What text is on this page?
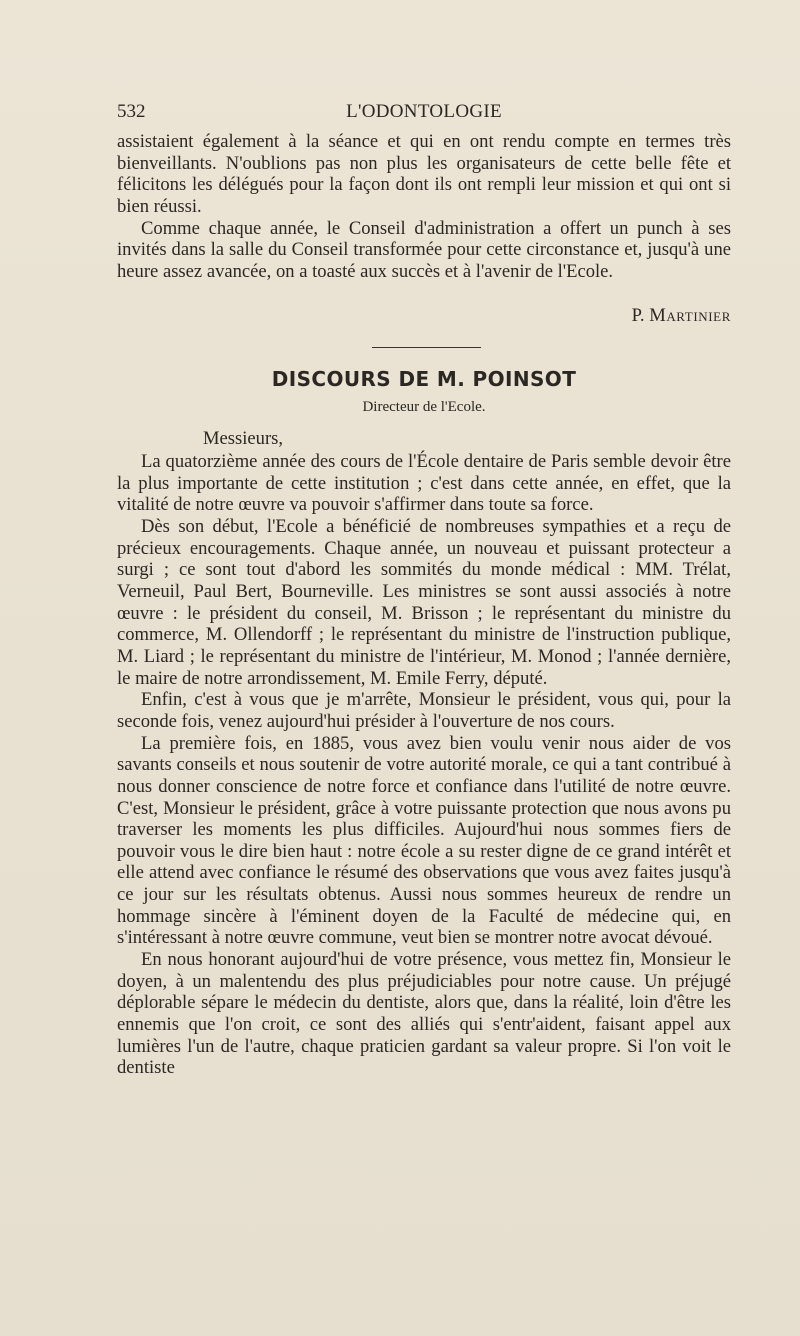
532	L'ODONTOLOGIE

assistaient également à la séance et qui en ont rendu compte en termes très bienveillants. N'oublions pas non plus les organisateurs de cette belle fête et félicitons les délégués pour la façon dont ils ont rempli leur mission et qui ont si bien réussi.

Comme chaque année, le Conseil d'administration a offert un punch à ses invités dans la salle du Conseil transformée pour cette circonstance et, jusqu'à une heure assez avancée, on a toasté aux succès et à l'avenir de l'Ecole.

P. Martinier
DISCOURS DE M. POINSOT
Directeur de l'Ecole.
Messieurs,

La quatorzième année des cours de l'École dentaire de Paris semble devoir être la plus importante de cette institution ; c'est dans cette année, en effet, que la vitalité de notre œuvre va pouvoir s'affirmer dans toute sa force.

Dès son début, l'Ecole a bénéficié de nombreuses sympathies et a reçu de précieux encouragements. Chaque année, un nouveau et puissant protecteur a surgi ; ce sont tout d'abord les sommités du monde médical : MM. Trélat, Verneuil, Paul Bert, Bourneville. Les ministres se sont aussi associés à notre œuvre : le président du conseil, M. Brisson ; le représentant du ministre du commerce, M. Ollendorff ; le représentant du ministre de l'instruction publique, M. Liard ; le représentant du ministre de l'intérieur, M. Monod ; l'année dernière, le maire de notre arrondissement, M. Emile Ferry, député.

Enfin, c'est à vous que je m'arrête, Monsieur le président, vous qui, pour la seconde fois, venez aujourd'hui présider à l'ouverture de nos cours.

La première fois, en 1885, vous avez bien voulu venir nous aider de vos savants conseils et nous soutenir de votre autorité morale, ce qui a tant contribué à nous donner conscience de notre force et confiance dans l'utilité de notre œuvre. C'est, Monsieur le président, grâce à votre puissante protection que nous avons pu traverser les moments les plus difficiles. Aujourd'hui nous sommes fiers de pouvoir vous le dire bien haut : notre école a su rester digne de ce grand intérêt et elle attend avec confiance le résumé des observations que vous avez faites jusqu'à ce jour sur les résultats obtenus. Aussi nous sommes heureux de rendre un hommage sincère à l'éminent doyen de la Faculté de médecine qui, en s'intéressant à notre œuvre commune, veut bien se montrer notre avocat dévoué.

En nous honorant aujourd'hui de votre présence, vous mettez fin, Monsieur le doyen, à un malentendu des plus préjudiciables pour notre cause. Un préjugé déplorable sépare le médecin du dentiste, alors que, dans la réalité, loin d'être les ennemis que l'on croit, ce sont des alliés qui s'entr'aident, faisant appel aux lumières l'un de l'autre, chaque praticien gardant sa valeur propre. Si l'on voit le dentiste
